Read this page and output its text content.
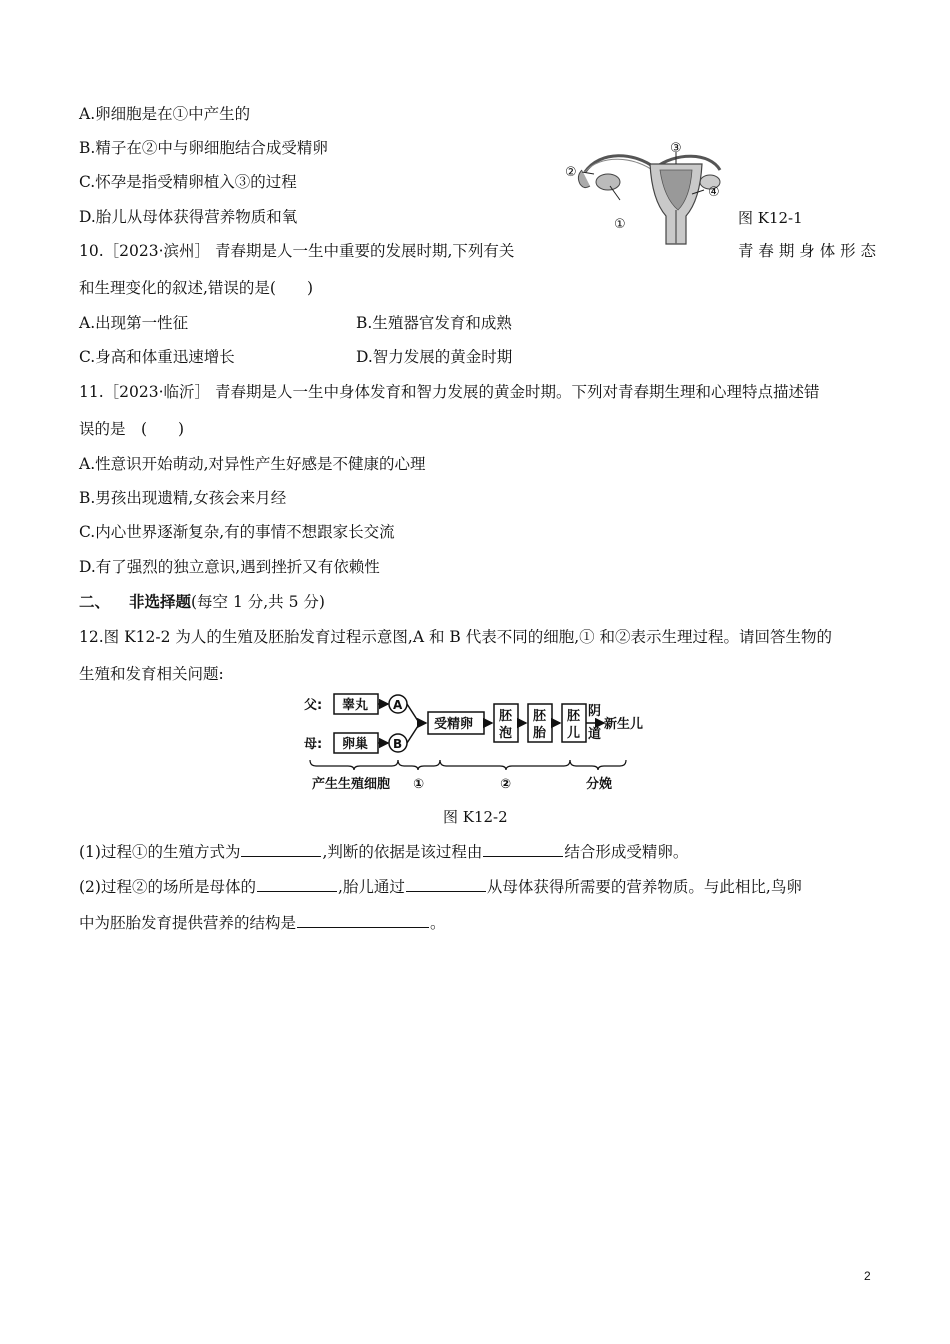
A.卵细胞是在①中产生的
B.精子在②中与卵细胞结合成受精卵
C.怀孕是指受精卵植入③的过程
D.胎儿从母体获得营养物质和氧
③
②
①
④
图 K12-1
10.［2023·滨州］ 青春期是人一生中重要的发展时期,下列有关	青 春 期 身 体 形 态
和生理变化的叙述,错误的是(　　)
A.出现第一性征	B.生殖器官发育和成熟
C.身高和体重迅速增长	D.智力发展的黄金时期
11.［2023·临沂］ 青春期是人一生中身体发育和智力发展的黄金时期。下列对青春期生理和心理特点描述错
误的是　(　　)
A.性意识开始萌动,对异性产生好感是不健康的心理
B.男孩出现遗精,女孩会来月经
C.内心世界逐渐复杂,有的事情不想跟家长交流
D.有了强烈的独立意识,遇到挫折又有依赖性
二、 非选择题(每空 1 分,共 5 分)
12.图 K12-2 为人的生殖及胚胎发育过程示意图,A 和 B 代表不同的细胞,① 和②表示生理过程。请回答生物的
生殖和发育相关问题:
父:
母:
睾丸
卵巢
A
B
受精卵
胚
泡
胚
胎
胚
儿
阴
道
新生儿
产生生殖细胞 ①	②	分娩
图 K12-2
(1)过程①的生殖方式为	,判断的依据是该过程由	结合形成受精卵。
(2)过程②的场所是母体的	,胎儿通过	从母体获得所需要的营养物质。与此相比,鸟卵
中为胚胎发育提供营养的结构是	。
2
